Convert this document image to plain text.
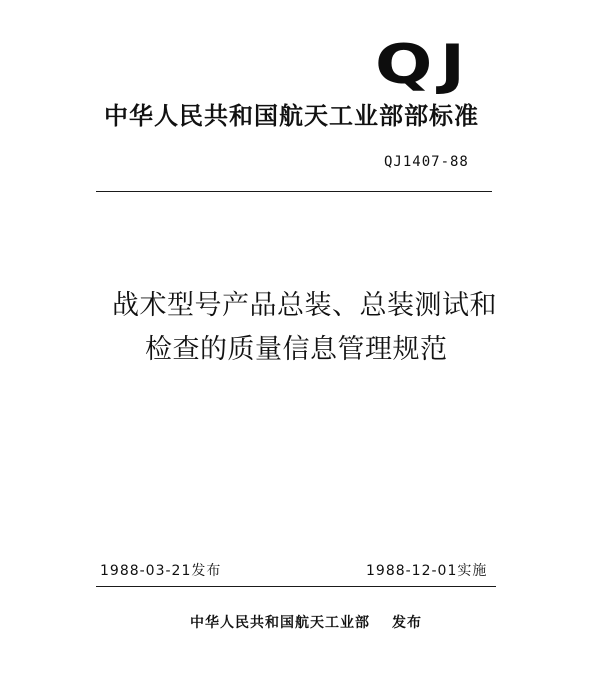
QJ
中华人民共和国航天工业部部标准
QJ1407-88
战术型号产品总装、总装测试和
检查的质量信息管理规范
1988-03-21发布	1988-12-01实施
中华人民共和国航天工业部 发布
